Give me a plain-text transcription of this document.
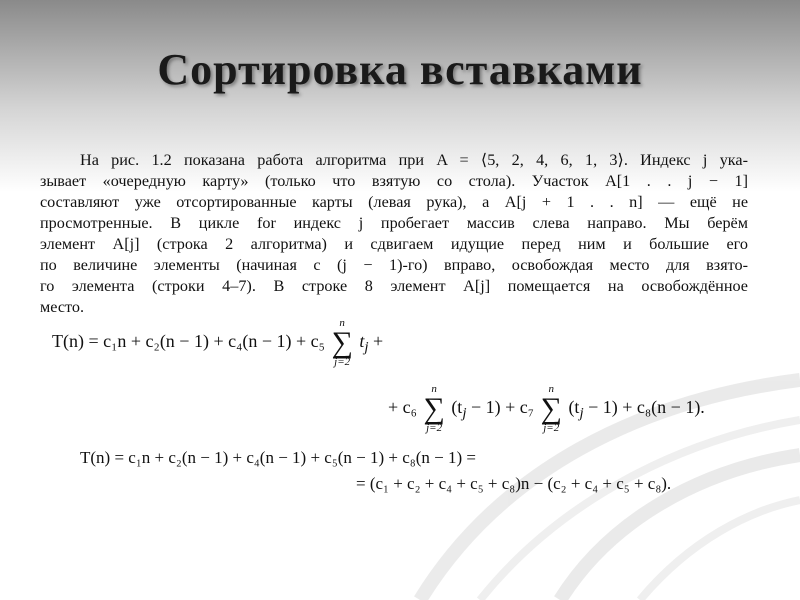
Сортировка вставками
На рис. 1.2 показана работа алгоритма при A = ⟨5, 2, 4, 6, 1, 3⟩. Индекс j ука-
зывает «очередную карту» (только что взятую со стола). Участок A[1 . . j − 1]
составляют уже отсортированные карты (левая рука), а A[j + 1 . . n] — ещё не
просмотренные. В цикле for индекс j пробегает массив слева направо. Мы берём
элемент A[j] (строка 2 алгоритма) и сдвигаем идущие перед ним и большие его
по величине элементы (начиная с (j − 1)-го) вправо, освобождая место для взято-
го элемента (строки 4–7). В строке 8 элемент A[j] помещается на освобождённое
место.
T(n) = c₁n + c₂(n − 1) + c₄(n − 1) + c₅
n
∑
j=2
$t_j$ +
+ c₆
n
∑
j=2
$(t_j - 1) + c_7$
n
∑
j=2
$(t_j - 1) + c_8(n - 1)$.
T(n) = c₁n + c₂(n − 1) + c₄(n − 1) + c₅(n − 1) + c₈(n − 1) =
= (c₁ + c₂ + c₄ + c₅ + c₈)n − (c₂ + c₄ + c₅ + c₈).
